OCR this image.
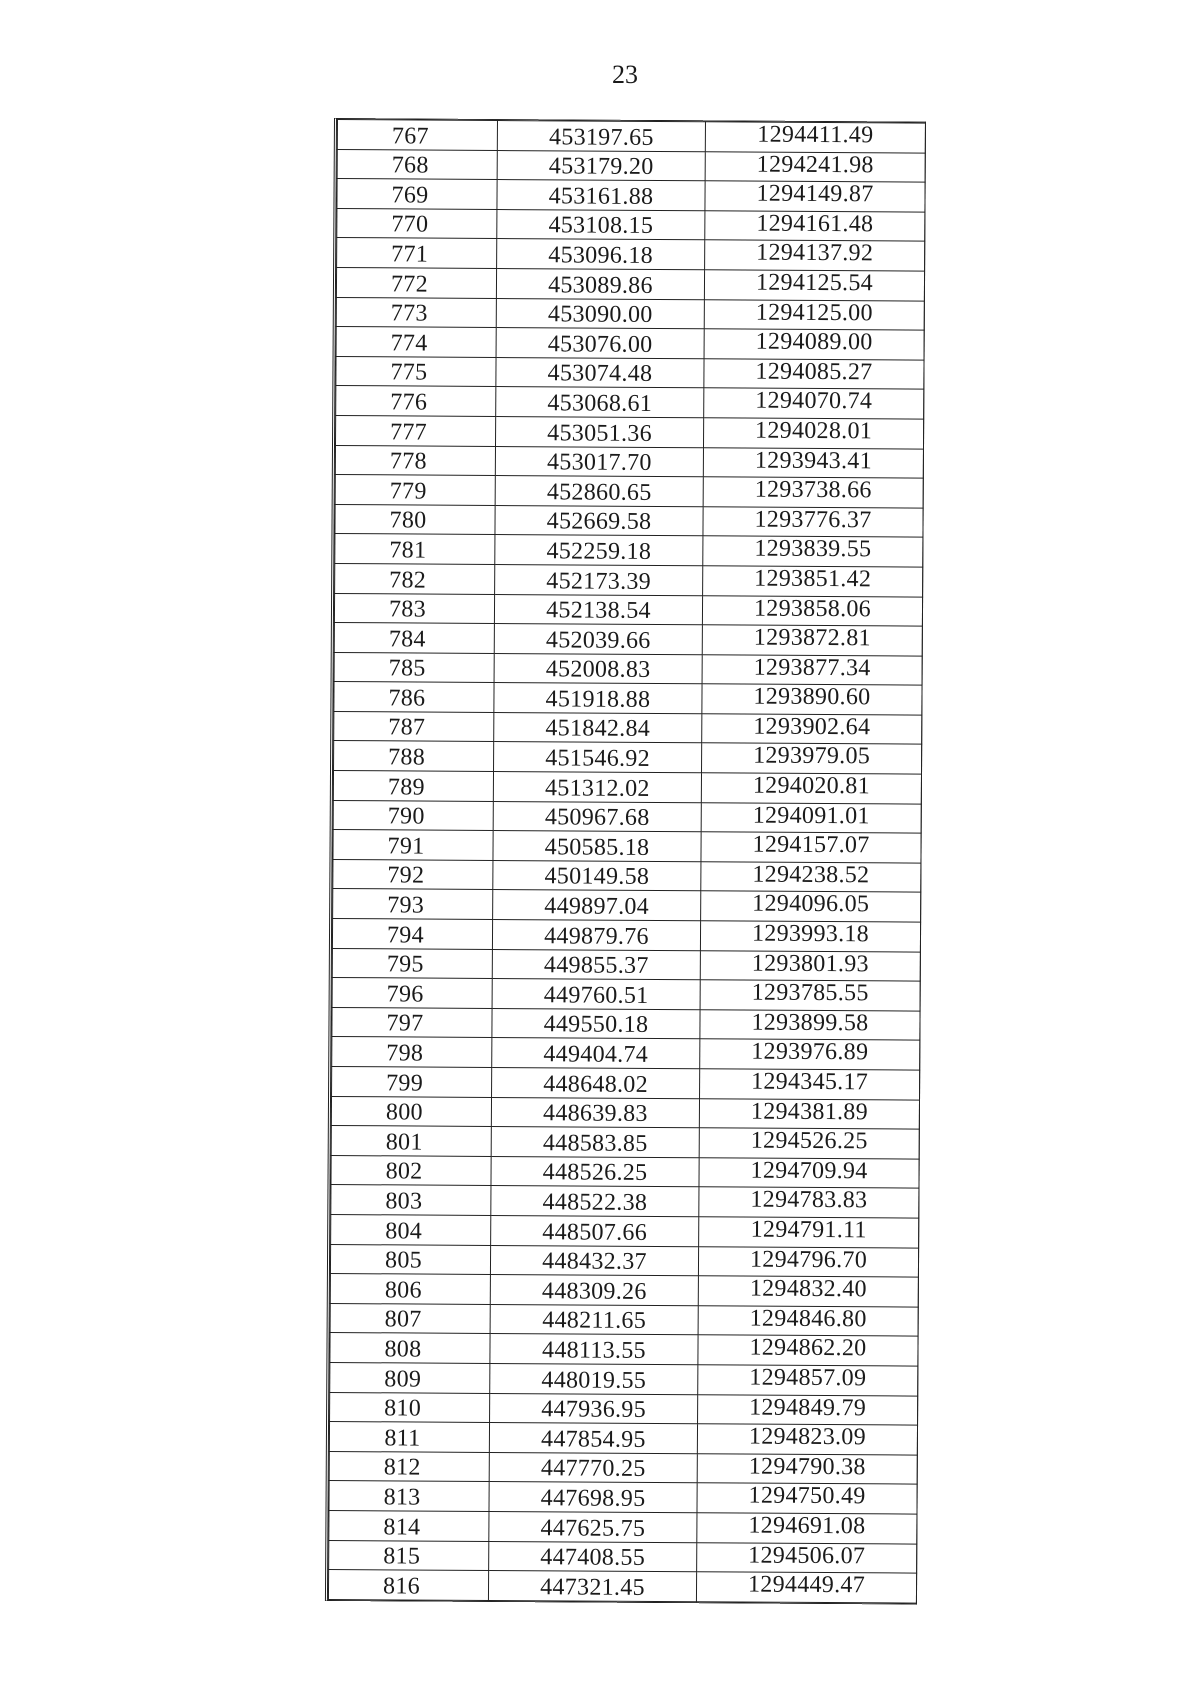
23
767	453197.65	1294411.49
768	453179.20	1294241.98
769	453161.88	1294149.87
770	453108.15	1294161.48
771	453096.18	1294137.92
772	453089.86	1294125.54
773	453090.00	1294125.00
774	453076.00	1294089.00
775	453074.48	1294085.27
776	453068.61	1294070.74
777	453051.36	1294028.01
778	453017.70	1293943.41
779	452860.65	1293738.66
780	452669.58	1293776.37
781	452259.18	1293839.55
782	452173.39	1293851.42
783	452138.54	1293858.06
784	452039.66	1293872.81
785	452008.83	1293877.34
786	451918.88	1293890.60
787	451842.84	1293902.64
788	451546.92	1293979.05
789	451312.02	1294020.81
790	450967.68	1294091.01
791	450585.18	1294157.07
792	450149.58	1294238.52
793	449897.04	1294096.05
794	449879.76	1293993.18
795	449855.37	1293801.93
796	449760.51	1293785.55
797	449550.18	1293899.58
798	449404.74	1293976.89
799	448648.02	1294345.17
800	448639.83	1294381.89
801	448583.85	1294526.25
802	448526.25	1294709.94
803	448522.38	1294783.83
804	448507.66	1294791.11
805	448432.37	1294796.70
806	448309.26	1294832.40
807	448211.65	1294846.80
808	448113.55	1294862.20
809	448019.55	1294857.09
810	447936.95	1294849.79
811	447854.95	1294823.09
812	447770.25	1294790.38
813	447698.95	1294750.49
814	447625.75	1294691.08
815	447408.55	1294506.07
816	447321.45	1294449.47
